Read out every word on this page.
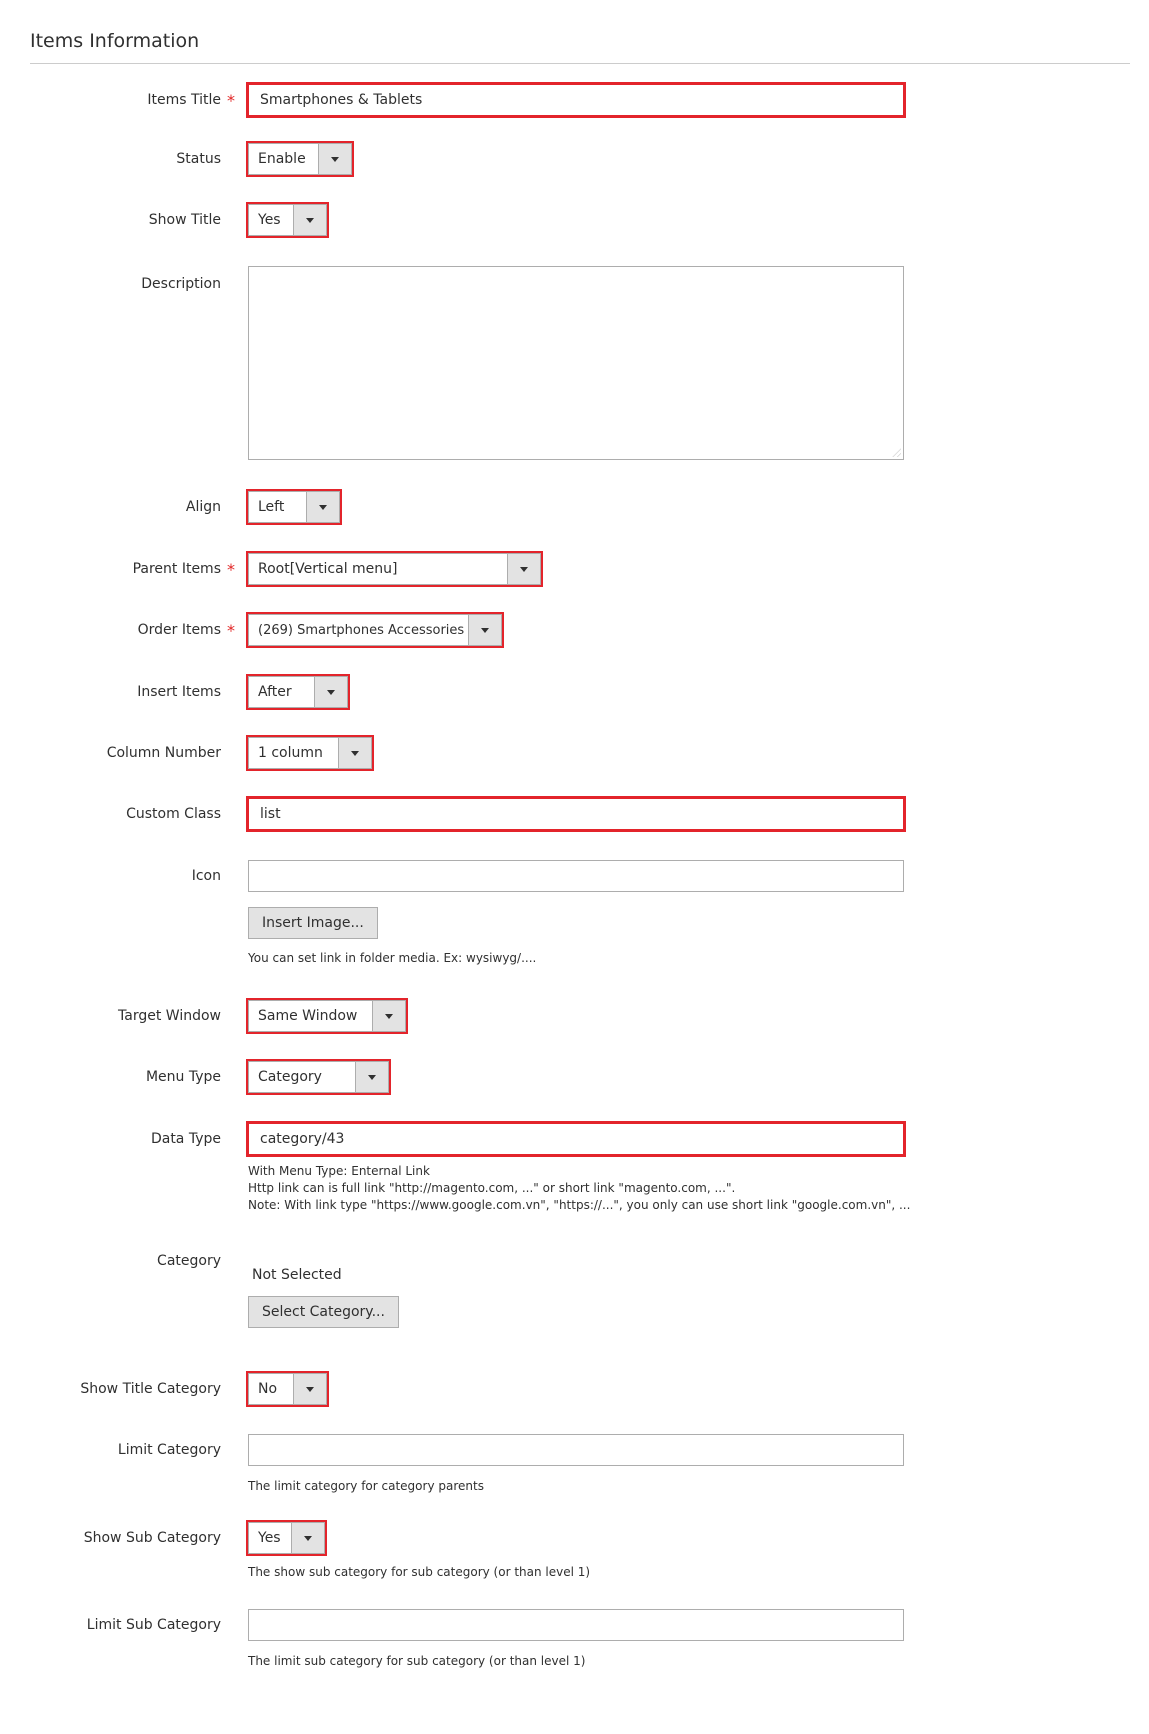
Items Information
Items Title *	Smartphones & Tablets
Status	Enable
Show Title	Yes
Description
Align	Left
Parent Items *	Root[Vertical menu]
Order Items *	(269) Smartphones Accessories
Insert Items	After
Column Number	1 column
Custom Class	list
Icon
Insert Image...
You can set link in folder media. Ex: wysiwyg/....
Target Window	Same Window
Menu Type	Category
Data Type	category/43
With Menu Type: Enternal Link
Http link can is full link "http://magento.com, ..." or short link "magento.com, ...".
Note: With link type "https://www.google.com.vn", "https://...", you only can use short link "google.com.vn", ...
Category
Not Selected
Select Category...
Show Title Category	No
Limit Category
The limit category for category parents
Show Sub Category	Yes
The show sub category for sub category (or than level 1)
Limit Sub Category
The limit sub category for sub category (or than level 1)
